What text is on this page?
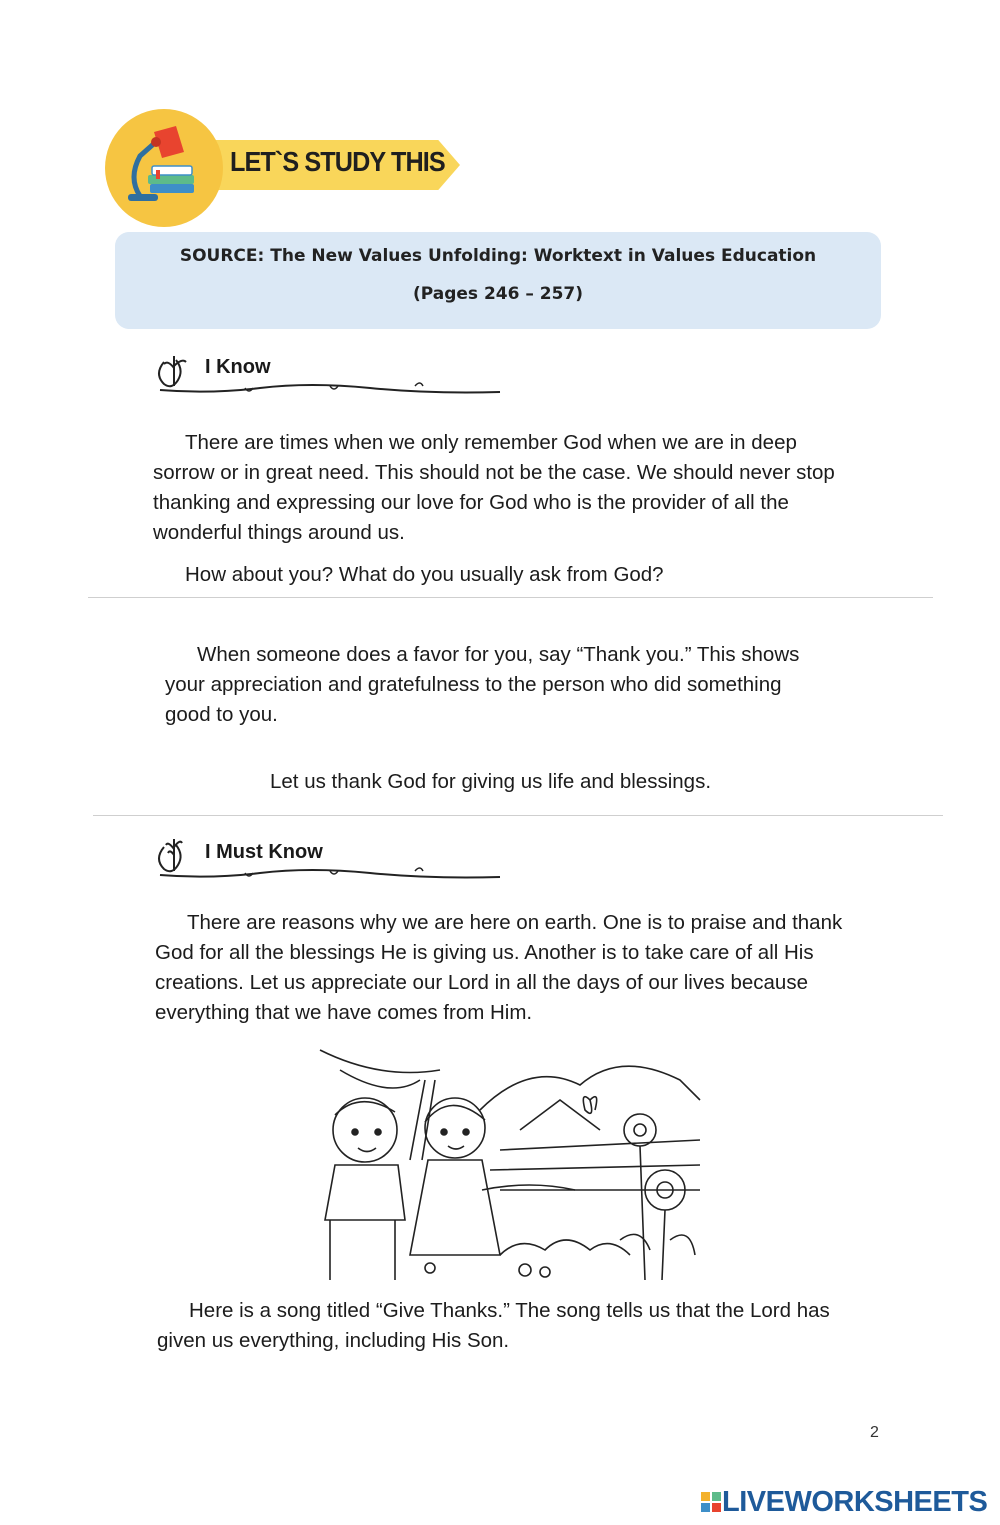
LET`S STUDY THIS
SOURCE: The New Values Unfolding: Worktext in Values Education
(Pages 246 – 257)
I Know
There are times when we only remember God when we are in deep sorrow or in great need. This should not be the case. We should never stop thanking and expressing our love for God who is the provider of all the wonderful things around us.
How about you? What do you usually ask from God?
When someone does a favor for you, say “Thank you.” This shows your appreciation and gratefulness to the person who did something good to you.
Let us thank God for giving us life and blessings.
I Must Know
There are reasons why we are here on earth. One is to praise and thank God for all the blessings He is giving us. Another is to take care of all His creations. Let us appreciate our Lord in all the days of our lives because everything that we have comes from Him.
Here is a song titled “Give Thanks.” The song tells us that the Lord has given us everything, including His Son.
2
LIVEWORKSHEETS
